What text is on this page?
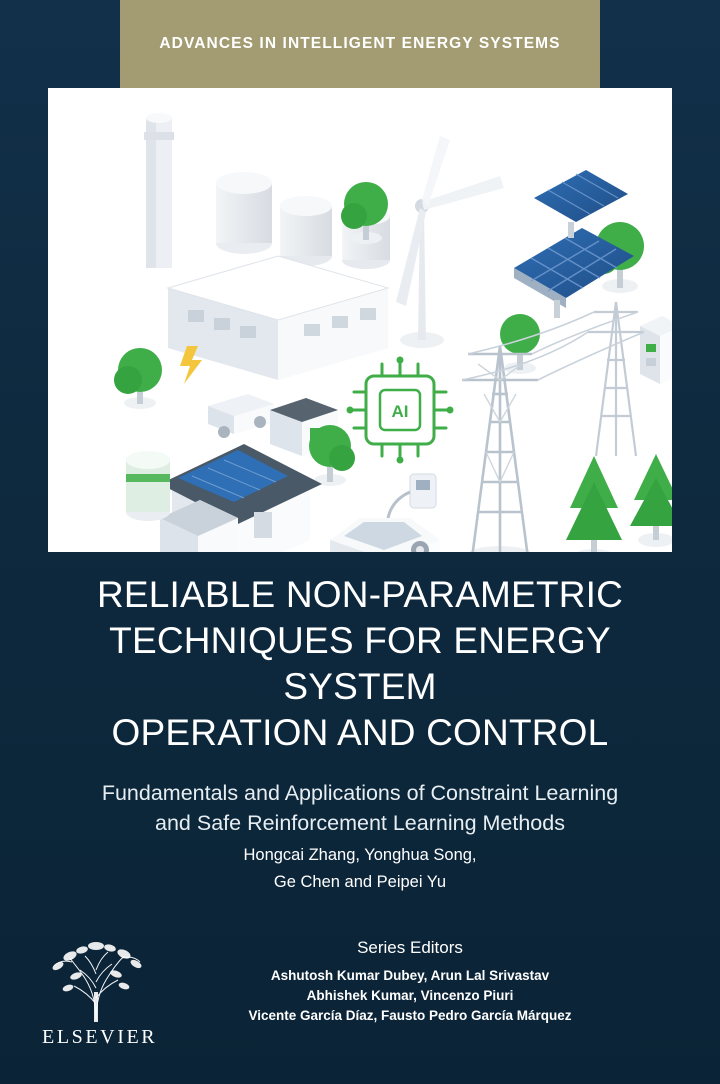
ADVANCES IN INTELLIGENT ENERGY SYSTEMS
AI
RELIABLE NON-PARAMETRIC
TECHNIQUES FOR ENERGY SYSTEM
OPERATION AND CONTROL

Fundamentals and Applications of Constraint Learning
and Safe Reinforcement Learning Methods

Hongcai Zhang, Yonghua Song,
Ge Chen and Peipei Yu

Series Editors

Ashutosh Kumar Dubey, Arun Lal Srivastav

Abhishek Kumar, Vincenzo Piuri

Vicente García Díaz, Fausto Pedro García Márquez

ELSEVIER
